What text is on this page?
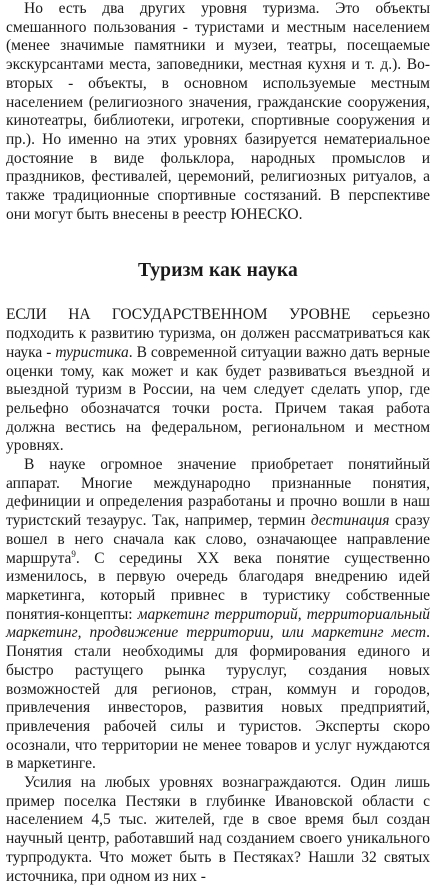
Но есть два других уровня туризма. Это объекты смешанного пользования - туристами и местным населением (менее значимые памятники и музеи, театры, посещаемые экскурсантами места, заповедники, местная кухня и т. д.). Во-вторых - объекты, в основном используемые местным населением (религиозного значения, гражданские сооружения, кинотеатры, библиотеки, игротеки, спортивные сооружения и пр.). Но именно на этих уровнях базируется нематериальное достояние в виде фольклора, народных промыслов и праздников, фестивалей, церемоний, религиозных ритуалов, а также традиционные спортивные состязаний. В перспективе они могут быть внесены в реестр ЮНЕСКО.

Туризм как наука

ЕСЛИ НА ГОСУДАРСТВЕННОМ УРОВНЕ серьезно подходить к развитию туризма, он должен рассматриваться как наука - туристика. В современной ситуации важно дать верные оценки тому, как может и как будет развиваться въездной и выездной туризм в России, на чем следует сделать упор, где рельефно обозначатся точки роста. Причем такая работа должна вестись на федеральном, региональном и местном уровнях.

В науке огромное значение приобретает понятийный аппарат. Многие международно признанные понятия, дефиниции и определения разработаны и прочно вошли в наш туристский тезаурус. Так, например, термин дестинация сразу вошел в него сначала как слово, означающее направление маршрута$^9$. С середины XX века понятие существенно изменилось, в первую очередь благодаря внедрению идей маркетинга, который привнес в туристику собственные понятия-концепты: маркетинг территорий, территориальный маркетинг, продвижение территории, или маркетинг мест. Понятия стали необходимы для формирования единого и быстро растущего рынка туруслуг, создания новых возможностей для регионов, стран, коммун и городов, привлечения инвесторов, развития новых предприятий, привлечения рабочей силы и туристов. Эксперты скоро осознали, что территории не менее товаров и услуг нуждаются в маркетинге.

Усилия на любых уровнях вознаграждаются. Один лишь пример поселка Пестяки в глубинке Ивановской области с населением 4,5 тыс. жителей, где в свое время был создан научный центр, работавший над созданием своего уникального турпродукта. Что может быть в Пестяках? Нашли 32 святых источника, при одном из них -
